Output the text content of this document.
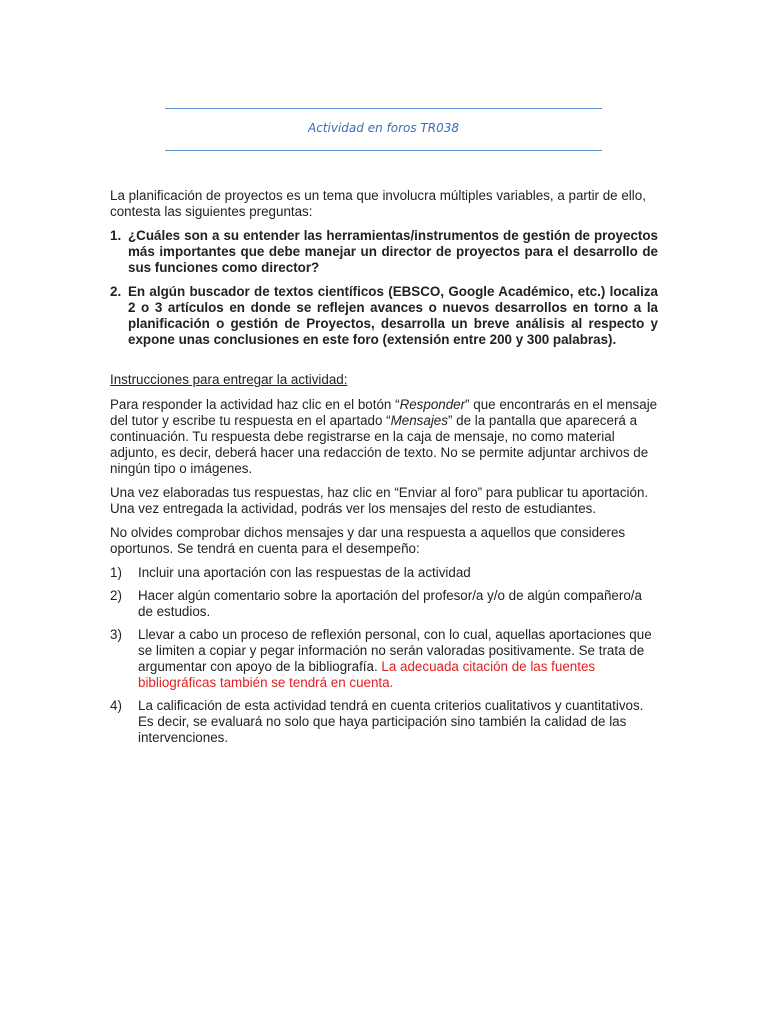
Actividad en foros TR038

La planificación de proyectos es un tema que involucra múltiples variables, a partir de ello, contesta las siguientes preguntas:

1. ¿Cuáles son a su entender las herramientas/instrumentos de gestión de proyectos más importantes que debe manejar un director de proyectos para el desarrollo de sus funciones como director?
2. En algún buscador de textos científicos (EBSCO, Google Académico, etc.) localiza 2 o 3 artículos en donde se reflejen avances o nuevos desarrollos en torno a la planificación o gestión de Proyectos, desarrolla un breve análisis al respecto y expone unas conclusiones en este foro (extensión entre 200 y 300 palabras).

Instrucciones para entregar la actividad:

Para responder la actividad haz clic en el botón “Responder” que encontrarás en el mensaje del tutor y escribe tu respuesta en el apartado “Mensajes” de la pantalla que aparecerá a continuación. Tu respuesta debe registrarse en la caja de mensaje, no como material adjunto, es decir, deberá hacer una redacción de texto. No se permite adjuntar archivos de ningún tipo o imágenes.

Una vez elaboradas tus respuestas, haz clic en “Enviar al foro” para publicar tu aportación. Una vez entregada la actividad, podrás ver los mensajes del resto de estudiantes.

No olvides comprobar dichos mensajes y dar una respuesta a aquellos que consideres oportunos. Se tendrá en cuenta para el desempeño:

1)	Incluir una aportación con las respuestas de la actividad
2)	Hacer algún comentario sobre la aportación del profesor/a y/o de algún compañero/a de estudios.
3)	Llevar a cabo un proceso de reflexión personal, con lo cual, aquellas aportaciones que se limiten a copiar y pegar información no serán valoradas positivamente. Se trata de argumentar con apoyo de la bibliografía. La adecuada citación de las fuentes bibliográficas también se tendrá en cuenta.
4)	La calificación de esta actividad tendrá en cuenta criterios cualitativos y cuantitativos. Es decir, se evaluará no solo que haya participación sino también la calidad de las intervenciones.
